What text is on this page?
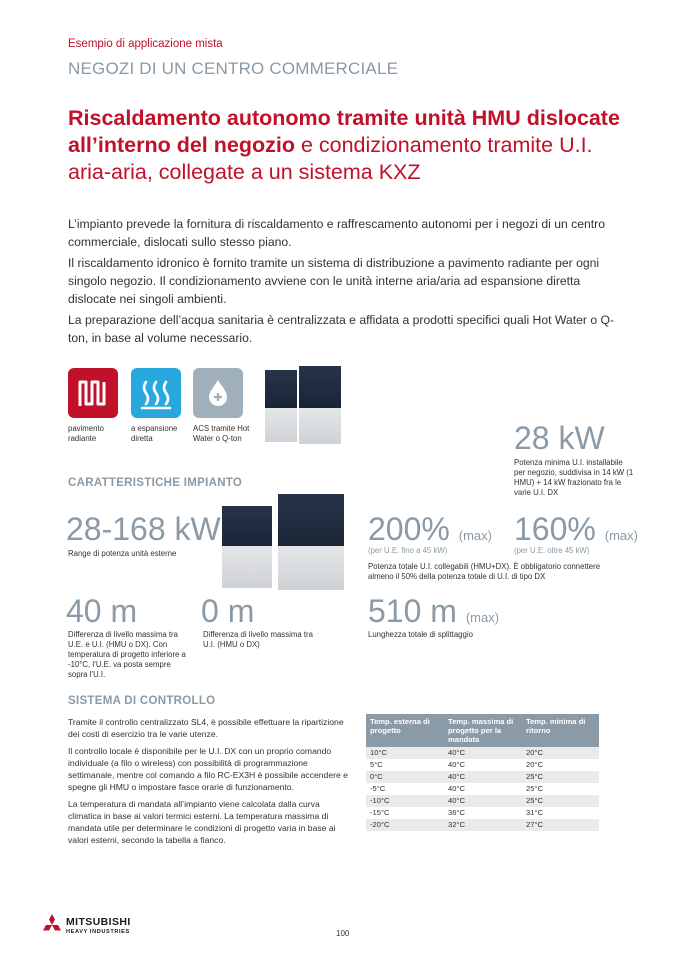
Esempio di applicazione mista
NEGOZI DI UN CENTRO COMMERCIALE
Riscaldamento autonomo tramite unità HMU dislocate all’interno del negozio e condizionamento tramite U.I. aria-aria, collegate a un sistema KXZ

L’impianto prevede la fornitura di riscaldamento e raffrescamento autonomi per i negozi di un centro commerciale, dislocati sullo stesso piano.

Il riscaldamento idronico è fornito tramite un sistema di distribuzione a pavimento radiante per ogni singolo negozio. Il condizionamento avviene con le unità interne aria/aria ad espansione diretta dislocate nei singoli ambienti.

La preparazione dell’acqua sanitaria è centralizzata e affidata a prodotti specifici quali Hot Water o Q-ton, in base al volume necessario.

pavimento radiante
a espansione diretta
ACS tramite Hot Water o Q-ton	28 kW
Potenza minima U.I. installabile per negozio, suddivisa in 14 kW (1 HMU) + 14 kW frazionato fra le varie U.I. DX
CARATTERISTICHE IMPIANTO
28-168 kW
Range di potenza unità esterne
200% (max)
(per U.E. fino a 45 kW)
160% (max)
(per U.E. oltre 45 kW)
Potenza totale U.I. collegabili (HMU+DX). È obbligatorio connettere almeno il 50% della potenza totale di U.I. di tipo DX
40 m
Differenza di livello massima tra U.E. e U.I. (HMU o DX). Con temperatura di progetto inferiore a -10°C, l’U.E. va posta sempre sopra l’U.I.
0 m
Differenza di livello massima tra U.I. (HMU o DX)
510 m (max)
Lunghezza totale di splittaggio
SISTEMA DI CONTROLLO

Tramite il controllo centralizzato SL4, è possibile effettuare la ripartizione dei costi di esercizio tra le varie utenze.

Il controllo locale è disponibile per le U.I. DX con un proprio comando individuale (a filo o wireless) con possibilità di programmazione settimanale, mentre col comando a filo RC-EX3H è possibile accendere e spegne gli HMU o impostare fasce orarie di funzionamento.

La temperatura di mandata all’impianto viene calcolata dalla curva climatica in base ai valori termici esterni. La temperatura massima di mandata utile per determinare le condizioni di progetto varia in base ai valori esterni, secondo la tabella a fianco.

Temp. esterna di progetto	Temp. massima di progetto per la mandata	Temp. minima di ritorno
10°C	40°C	20°C
5°C	40°C	20°C
0°C	40°C	25°C
-5°C	40°C	25°C
-10°C	40°C	25°C
-15°C	36°C	31°C
-20°C	32°C	27°C
MITSUBISHI
HEAVY INDUSTRIES	100
